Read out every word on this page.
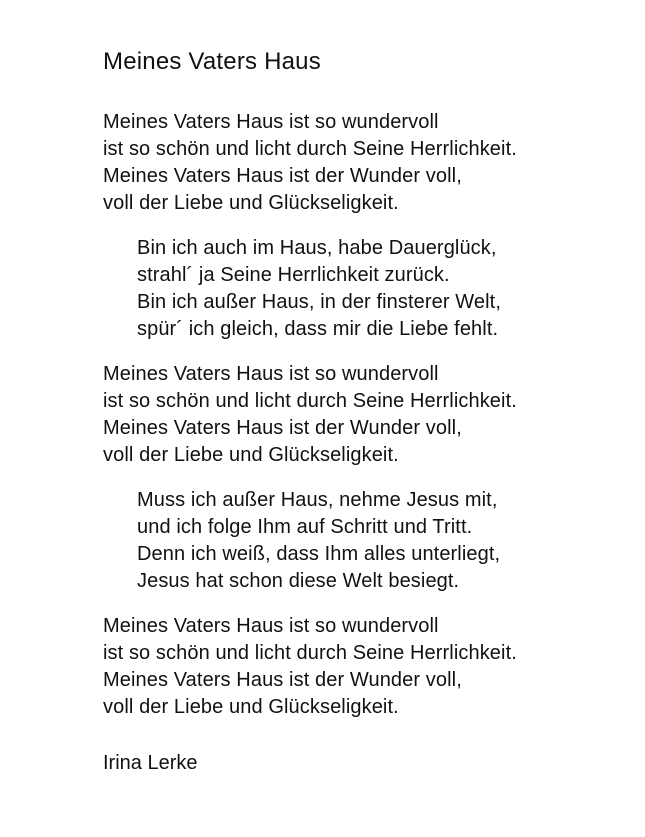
Meines Vaters Haus
Meines Vaters Haus ist so wundervoll
ist so schön und licht durch Seine Herrlichkeit.
Meines Vaters Haus ist der Wunder voll,
voll der Liebe und Glückseligkeit.
Bin ich auch im Haus, habe Dauerglück,
strahl´ ja Seine Herrlichkeit zurück.
Bin ich außer Haus, in der finsterer Welt,
spür´ ich gleich, dass mir die Liebe fehlt.
Meines Vaters Haus ist so wundervoll
ist so schön und licht durch Seine Herrlichkeit.
Meines Vaters Haus ist der Wunder voll,
voll der Liebe und Glückseligkeit.
Muss ich außer Haus, nehme Jesus mit,
und ich folge Ihm auf Schritt und Tritt.
Denn ich weiß, dass Ihm alles unterliegt,
Jesus hat schon diese Welt besiegt.
Meines Vaters Haus ist so wundervoll
ist so schön und licht durch Seine Herrlichkeit.
Meines Vaters Haus ist der Wunder voll,
voll der Liebe und Glückseligkeit.
Irina Lerke
